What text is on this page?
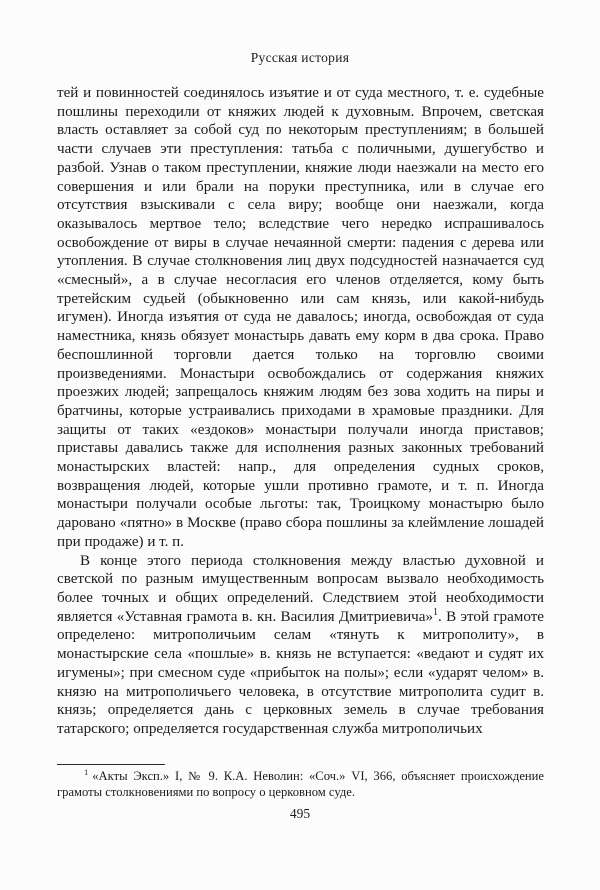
Русская история

тей и повинностей соединялось изъятие и от суда местного, т. е. судебные пошлины переходили от княжих людей к духовным. Впрочем, светская власть оставляет за собой суд по некоторым преступлениям; в большей части случаев эти преступления: татьба с поличными, душегубство и разбой. Узнав о таком преступлении, княжие люди наезжали на место его совершения и или брали на поруки преступника, или в случае его отсутствия взыскивали с села виру; вообще они наезжали, когда оказывалось мертвое тело; вследствие чего нередко испрашивалось освобождение от виры в случае нечаянной смерти: падения с дерева или утопления. В случае столкновения лиц двух подсудностей назначается суд «смесный», а в случае несогласия его членов отделяется, кому быть третейским судьей (обыкновенно или сам князь, или какой-нибудь игумен). Иногда изъятия от суда не давалось; иногда, освобождая от суда наместника, князь обязует монастырь давать ему корм в два срока. Право беспошлинной торговли дается только на торговлю своими произведениями. Монастыри освобождались от содержания княжих проезжих людей; запрещалось княжим людям без зова ходить на пиры и братчины, которые устраивались приходами в храмовые праздники. Для защиты от таких «ездоков» монастыри получали иногда приставов; приставы давались также для исполнения разных законных требований монастырских властей: напр., для определения судных сроков, возвращения людей, которые ушли противно грамоте, и т. п. Иногда монастыри получали особые льготы: так, Троицкому монастырю было даровано «пятно» в Москве (право сбора пошлины за клеймление лошадей при продаже) и т. п.

В конце этого периода столкновения между властью духовной и светской по разным имущественным вопросам вызвало необходимость более точных и общих определений. Следствием этой необходимости является «Уставная грамота в. кн. Василия Дмитриевича»$^1$. В этой грамоте определено: митрополичьим селам «тянуть к митрополиту», в монастырские села «пошлые» в. князь не вступается: «ведают и судят их игумены»; при смесном суде «прибыток на полы»; если «ударят челом» в. князю на митрополичьего человека, в отсутствие митрополита судит в. князь; определяется дань с церковных земель в случае требования татарского; определяется государственная служба митрополичьих

$^1$ «Акты Эксп.» I, № 9. К.А. Неволин: «Соч.» VI, 366, объясняет происхождение грамоты столкновениями по вопросу о церковном суде.
495
